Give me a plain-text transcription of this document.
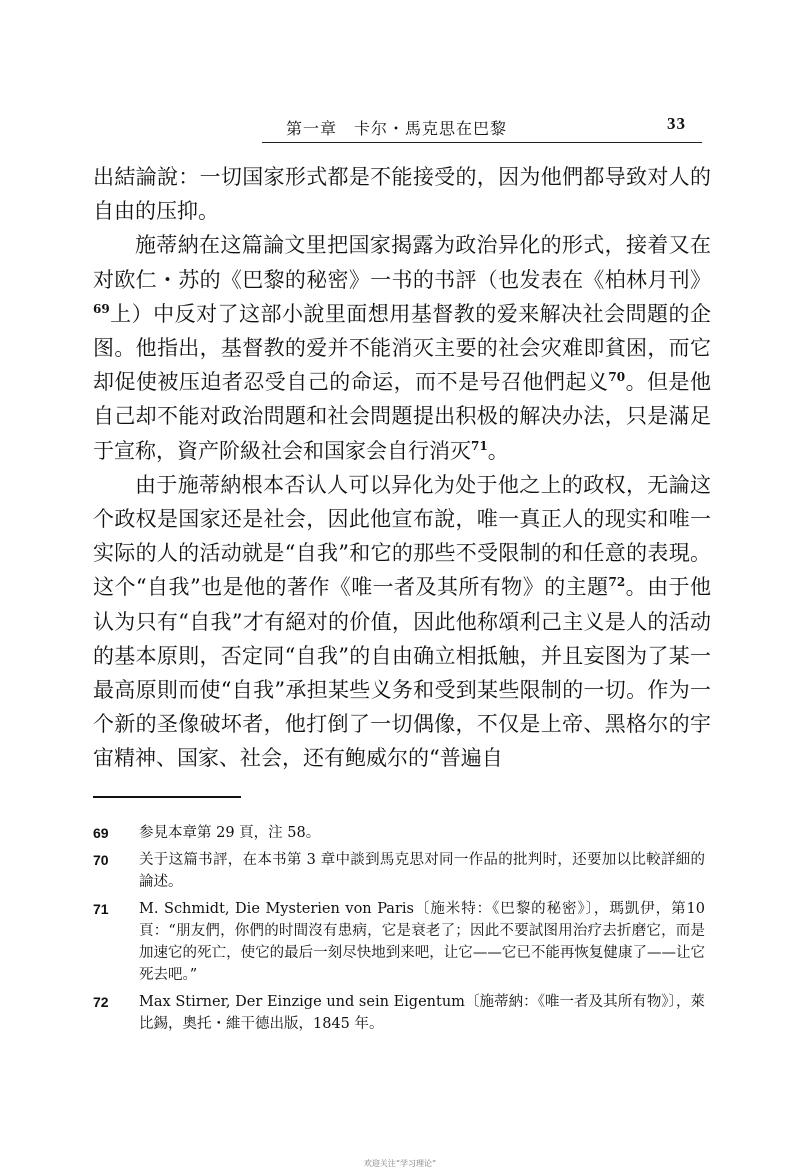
第一章　卡尔・馬克思在巴黎	33

出結論說：一切国家形式都是不能接受的，因为他們都导致对人的自由的压抑。

施蒂納在这篇論文里把国家揭露为政治异化的形式，接着又在对欧仁・苏的《巴黎的秘密》一书的书評（也发表在《柏林月刊》$^{69}$上）中反对了这部小說里面想用基督教的爱来解决社会問題的企图。他指出，基督教的爱并不能消灭主要的社会灾难即貧困，而它却促使被压迫者忍受自己的命运，而不是号召他們起义$^{70}$。但是他自己却不能对政治問題和社会問題提出积极的解决办法，只是滿足于宣称，資产阶級社会和国家会自行消灭$^{71}$。

由于施蒂納根本否认人可以异化为处于他之上的政权，无論这个政权是国家还是社会，因此他宣布說，唯一真正人的现实和唯一实际的人的活动就是“自我”和它的那些不受限制的和任意的表現。这个“自我”也是他的著作《唯一者及其所有物》的主題$^{72}$。由于他认为只有“自我”才有絕对的价值，因此他称頌利己主义是人的活动的基本原則，否定同“自我”的自由确立相抵触，并且妄图为了某一最高原則而使“自我”承担某些义务和受到某些限制的一切。作为一个新的圣像破坏者，他打倒了一切偶像，不仅是上帝、黑格尔的宇宙精神、国家、社会，还有鲍威尔的“普遍自

69 参見本章第 29 頁，注 58。
70 关于这篇书評，在本书第 3 章中談到馬克思对同一作品的批判时，还要加以比較詳細的論述。
71 M. Schmidt, Die Mysterien von Paris〔施米特：《巴黎的秘密》〕，瑪凱伊，第10頁：“朋友們，你們的时間沒有患病，它是衰老了；因此不要試图用治疗去折磨它，而是加速它的死亡，使它的最后一刻尽快地到来吧，让它——它已不能再恢复健康了——让它死去吧。”
72 Max Stirner, Der Einzige und sein Eigentum〔施蒂納：《唯一者及其所有物》〕，萊比錫，奧托・維干德出版，1845 年。
欢迎关注“学习理论”
